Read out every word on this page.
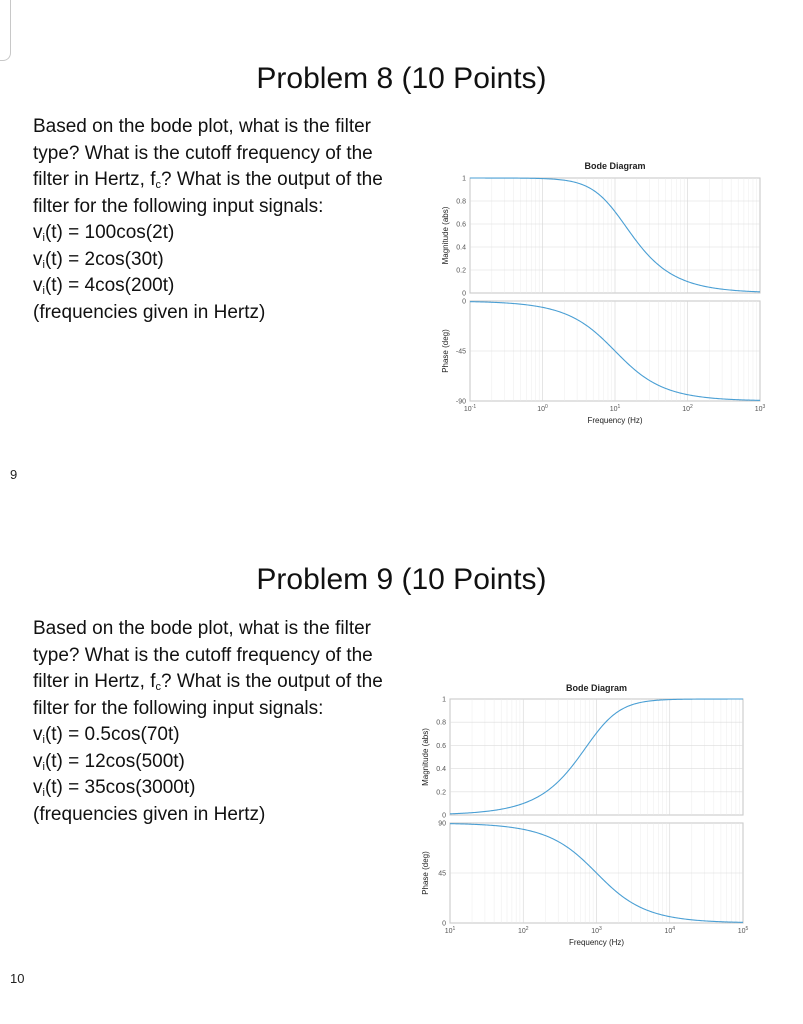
Problem 8 (10 Points)
Based on the bode plot, what is the filter
type? What is the cutoff frequency of the
filter in Hertz, $f_c$? What is the output of the
filter for the following input signals:
$v_i(t) = 100\cos(2t)$
$v_i(t) = 2\cos(30t)$
$v_i(t) = 4\cos(200t)$
(frequencies given in Hertz)
Bode Diagram
0
0.2
0.4
0.6
0.8
1
Magnitude (abs)
-90
-45
0
Phase (deg)
$10^{-1}$	$10^0$	$10^1$	$10^2$	$10^3$
Frequency (Hz)
9
Problem 9 (10 Points)
Based on the bode plot, what is the filter
type? What is the cutoff frequency of the
filter in Hertz, $f_c$? What is the output of the
filter for the following input signals:
$v_i(t) = 0.5\cos(70t)$
$v_i(t) = 12\cos(500t)$
$v_i(t) = 35\cos(3000t)$
(frequencies given in Hertz)
Bode Diagram
0
0.2
0.4
0.6
0.8
1
Magnitude (abs)
0
45
90
Phase (deg)
$10^1$	$10^2$	$10^3$	$10^4$	$10^5$
Frequency (Hz)
10
